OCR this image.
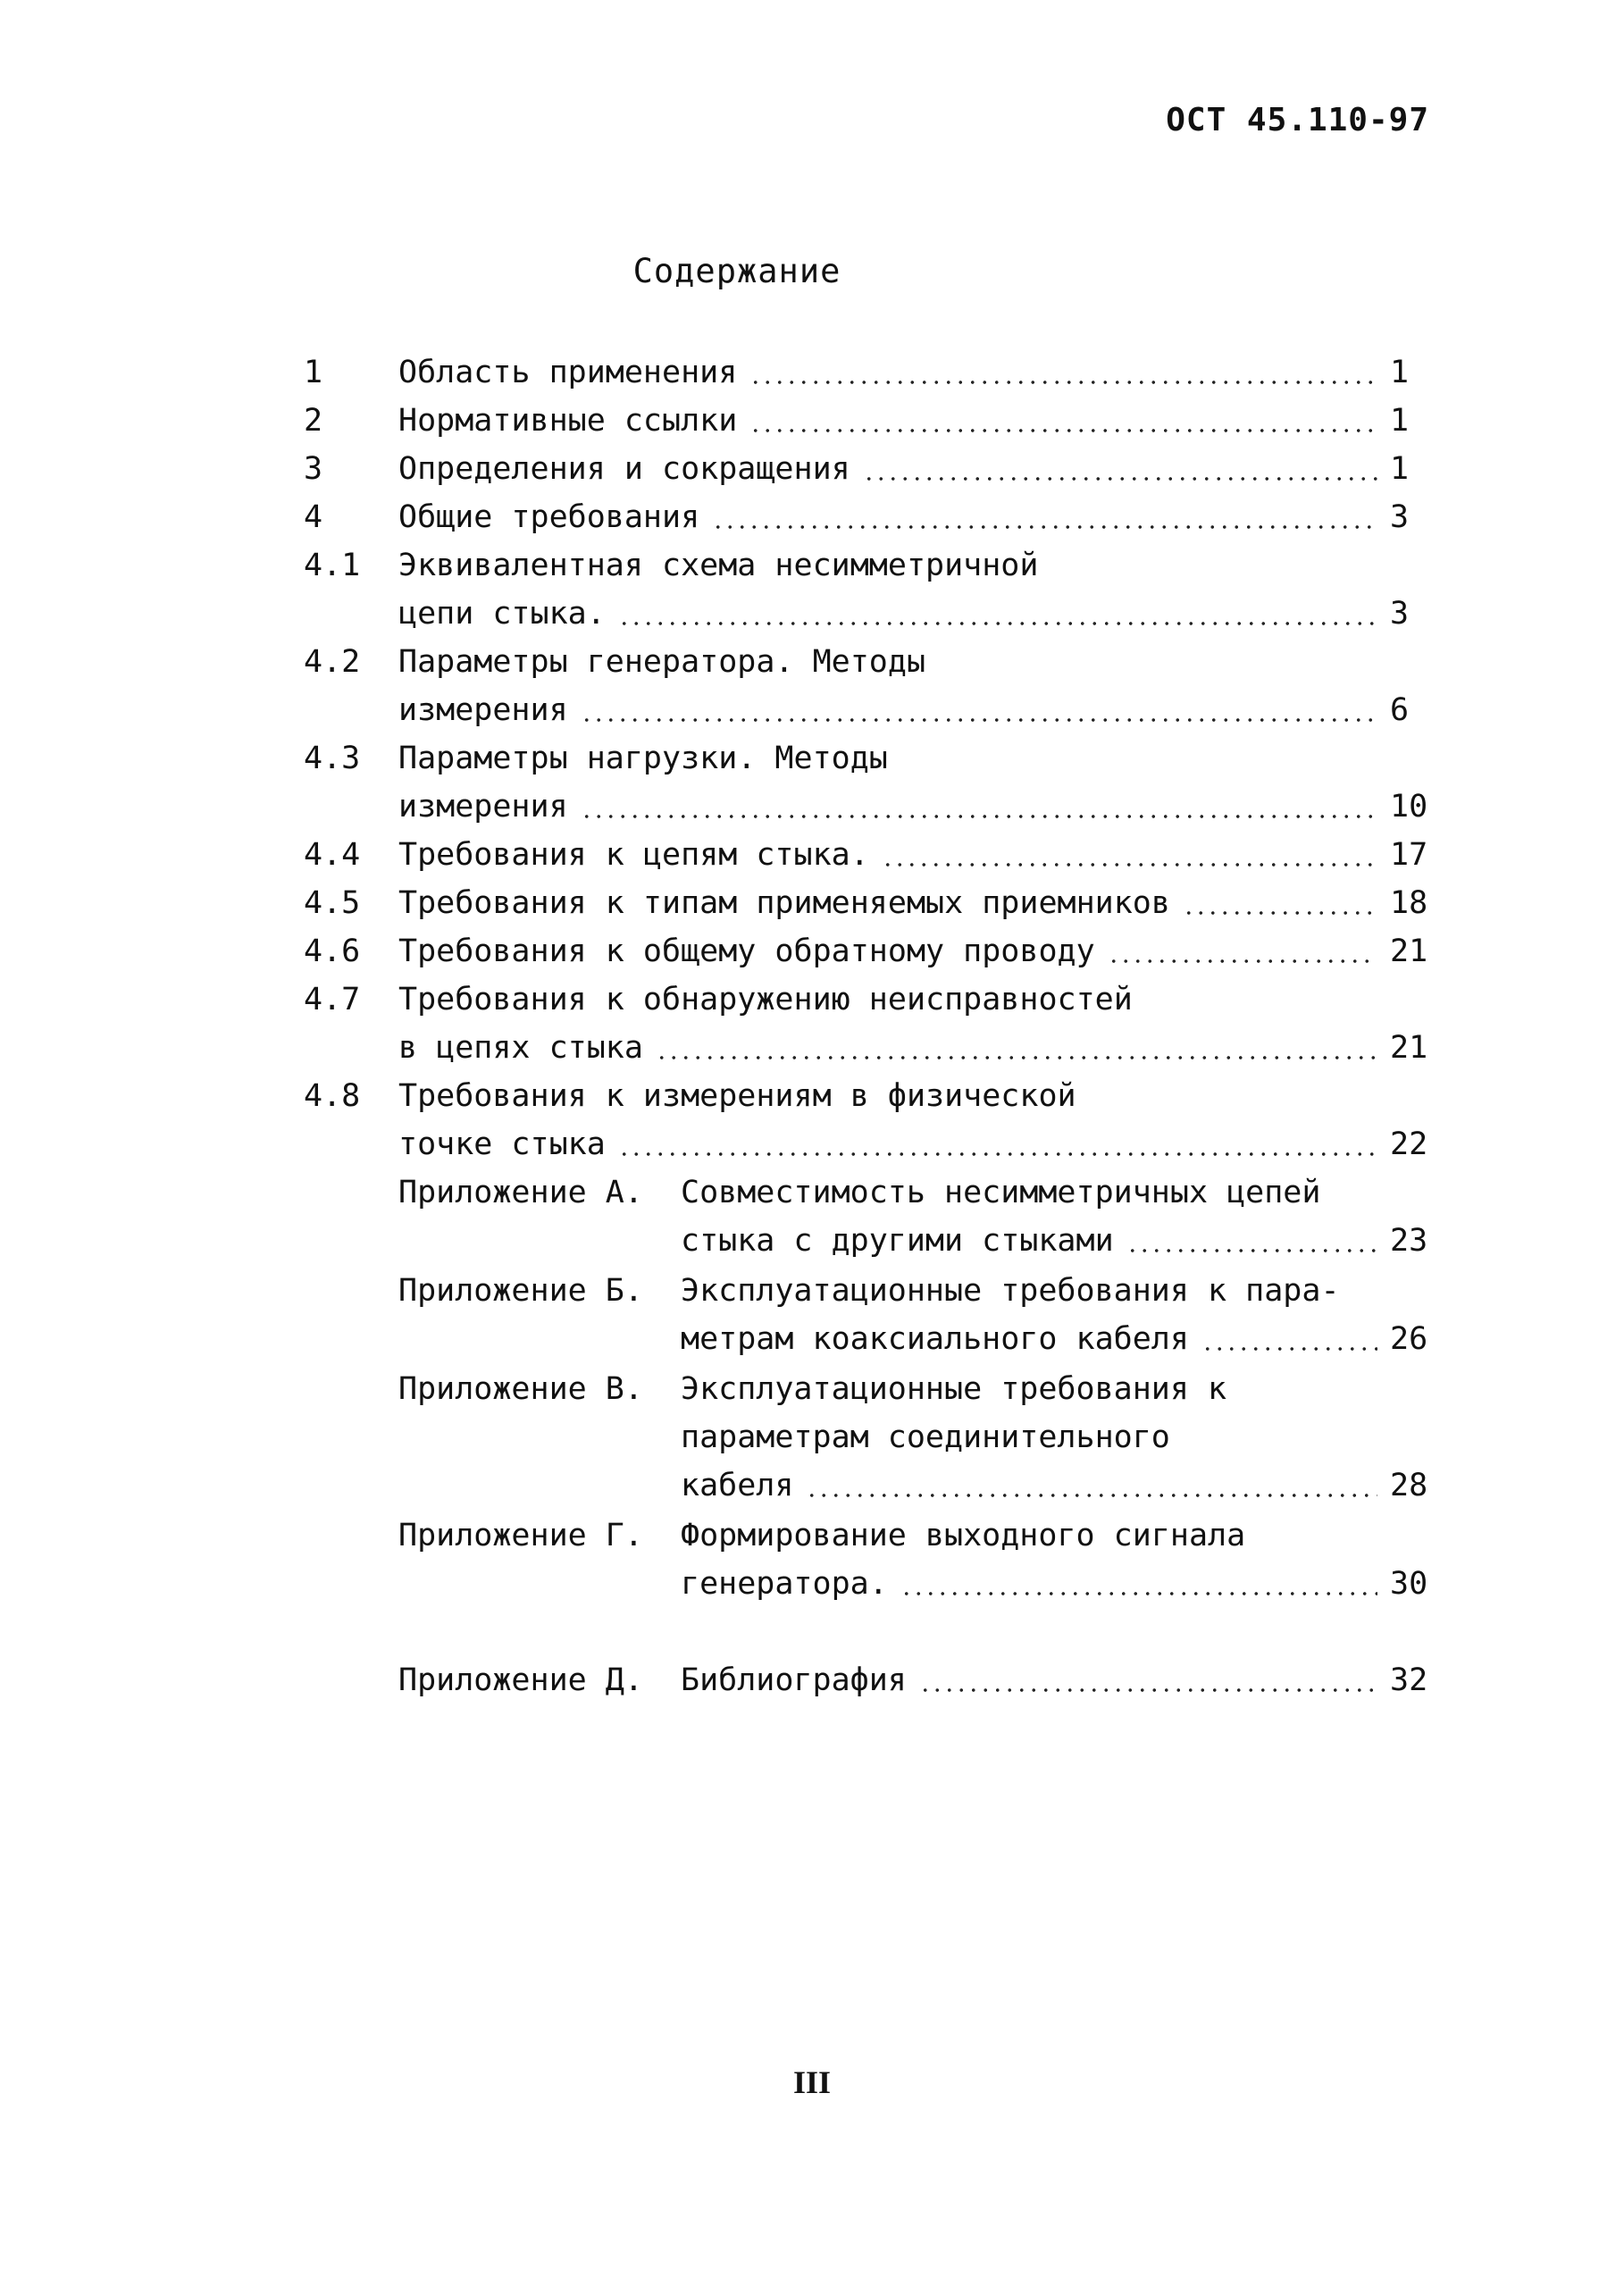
ОСТ 45.110-97
Содержание
1 Область применения	1
2 Нормативные ссылки	1
3 Определения и сокращения	1
4 Общие требования	3
4.1 Эквивалентная схема несимметричной
цепи стыка.	3
4.2 Параметры генератора. Методы
измерения	6
4.3 Параметры нагрузки. Методы
измерения	10
4.4 Требования к цепям стыка.	17
4.5 Требования к типам применяемых приемников	18
4.6 Требования к общему обратному проводу	21
4.7 Требования к обнаружению неисправностей
в цепях стыка	21
4.8 Требования к измерениям в физической
точке стыка	22
Приложение А. Совместимость несимметричных цепей
стыка с другими стыками	23
Приложение Б. Эксплуатационные требования к пара-
метрам коаксиального кабеля	26
Приложение В. Эксплуатационные требования к
параметрам соединительного
кабеля	28
Приложение Г. Формирование выходного сигнала
генератора.	30
Приложение Д. Библиография	32
III
